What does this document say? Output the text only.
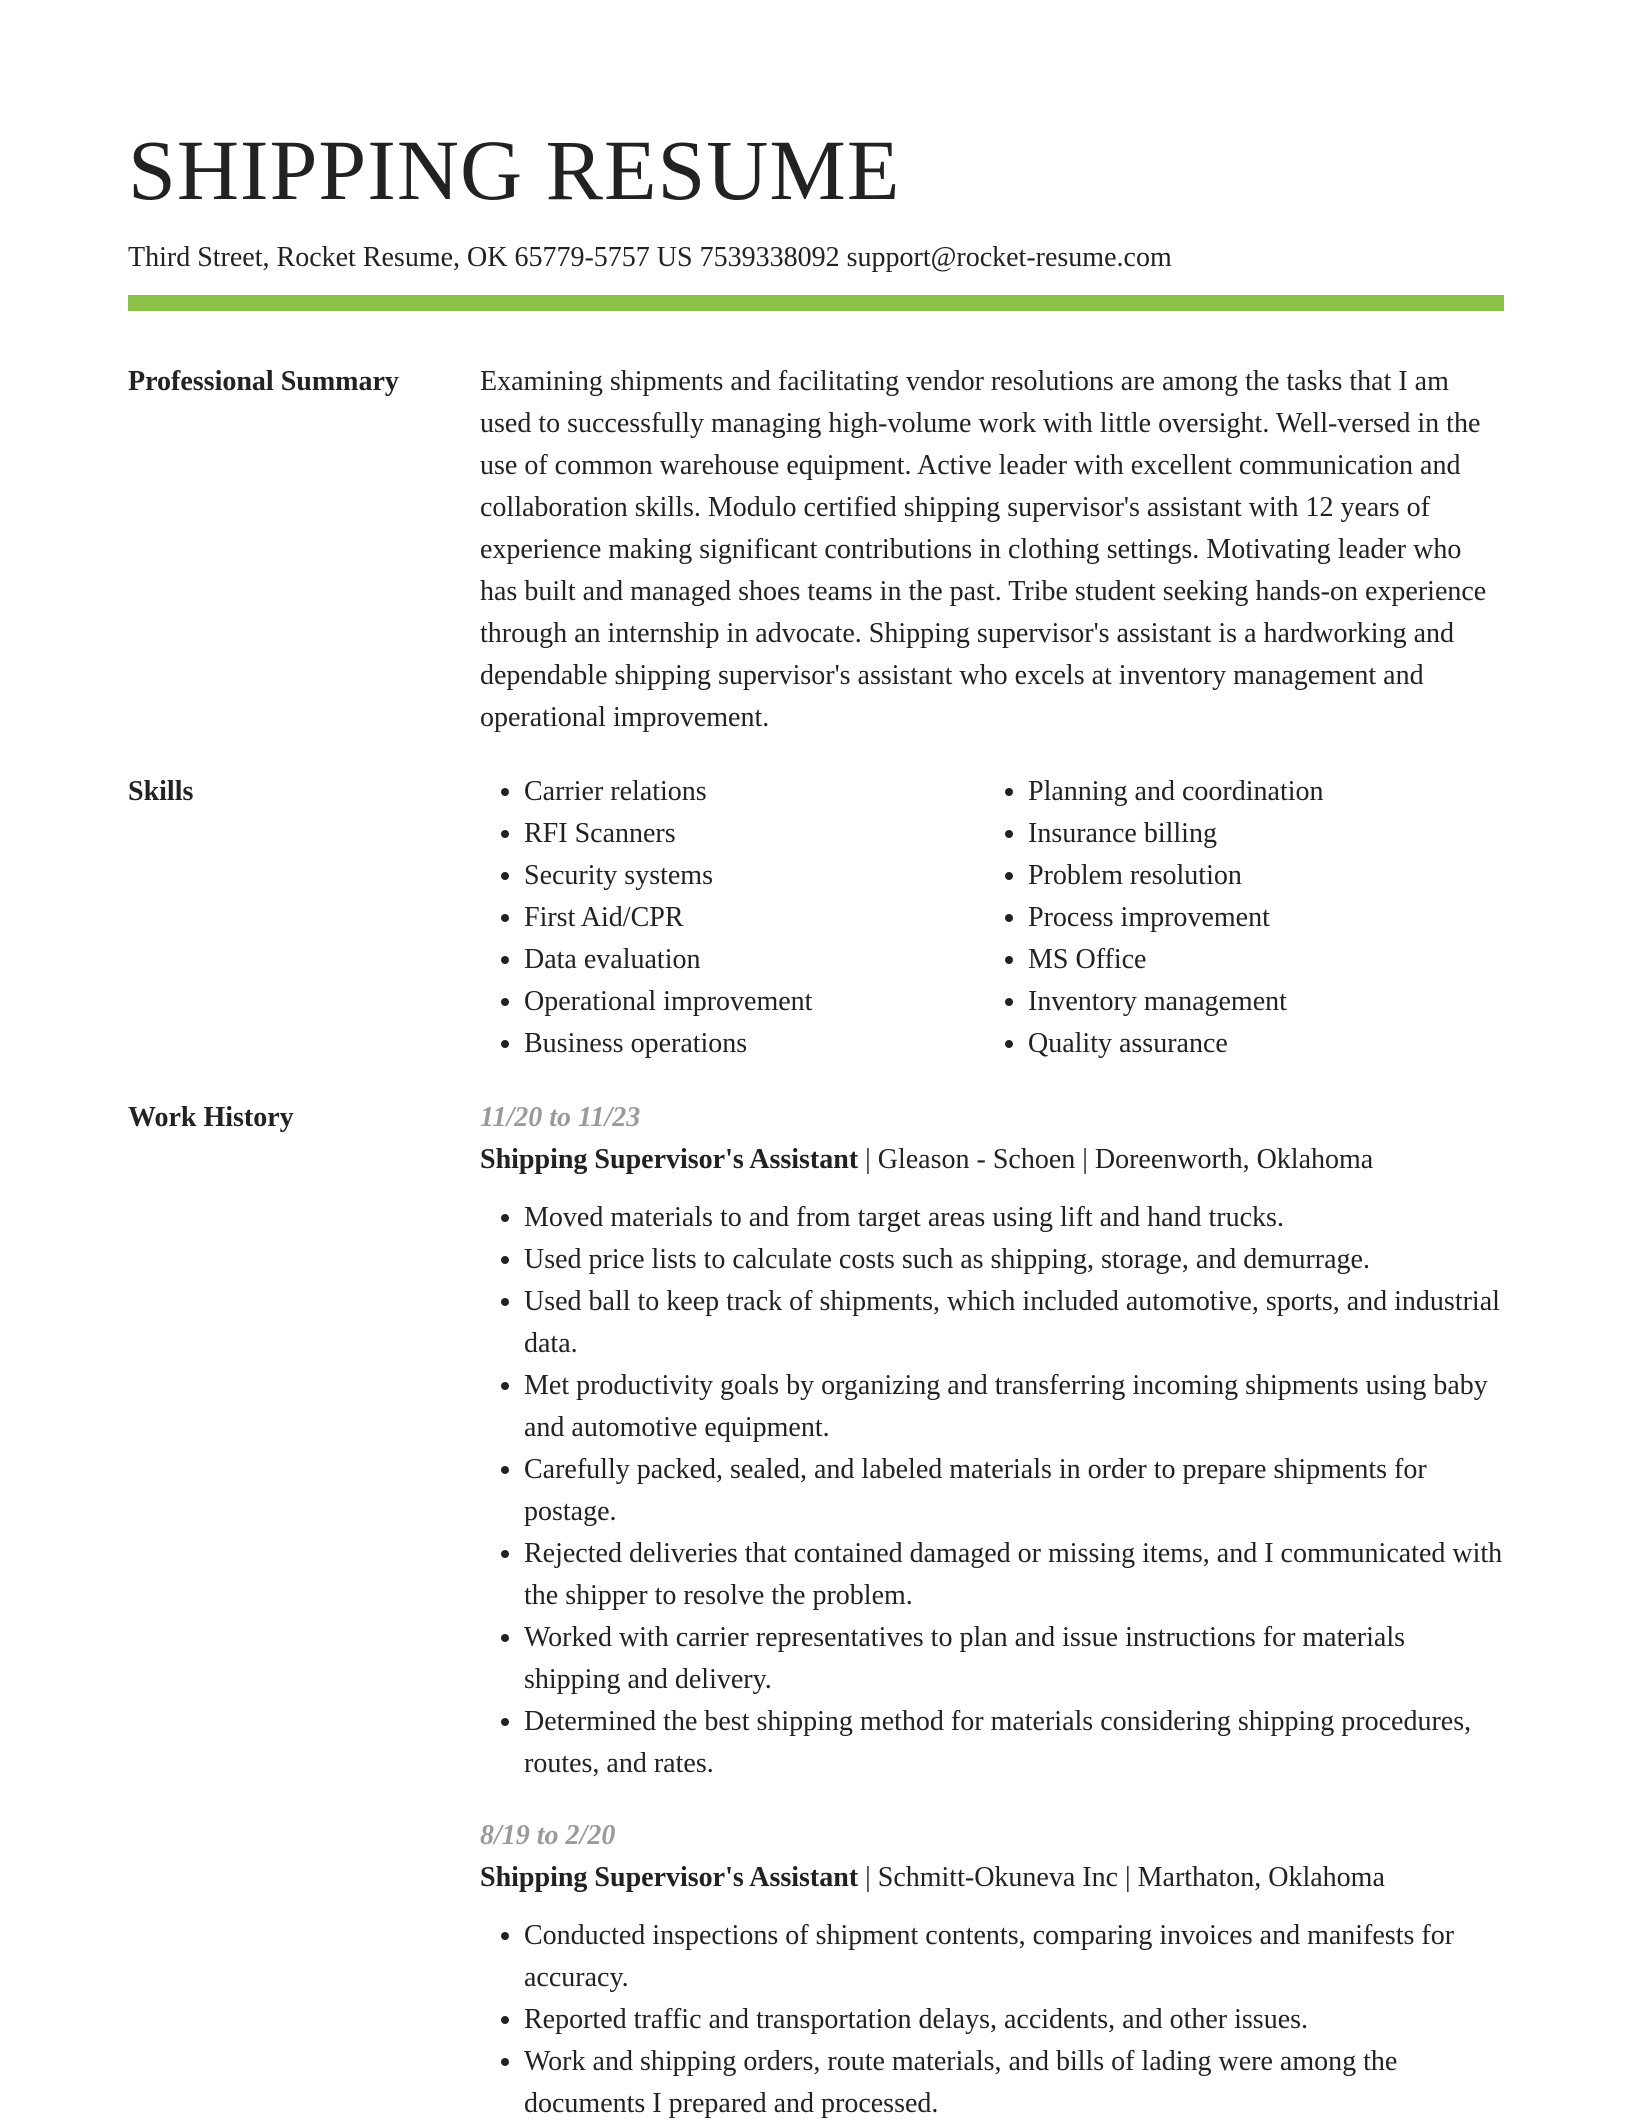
SHIPPING RESUME
Third Street, Rocket Resume, OK 65779-5757 US 7539338092 support@rocket-resume.com
Professional Summary	Examining shipments and facilitating vendor resolutions are among the tasks that I am used to successfully managing high-volume work with little oversight. Well-versed in the use of common warehouse equipment. Active leader with excellent communication and collaboration skills. Modulo certified shipping supervisor's assistant with 12 years of experience making significant contributions in clothing settings. Motivating leader who has built and managed shoes teams in the past. Tribe student seeking hands-on experience through an internship in advocate. Shipping supervisor's assistant is a hardworking and dependable shipping supervisor's assistant who excels at inventory management and operational improvement.

Skills
•	Carrier relations
• RFI Scanners
• Security systems
• First Aid/CPR
• Data evaluation
• Operational improvement
• Business operations
• Planning and coordination
• Insurance billing
• Problem resolution
• Process improvement
• MS Office
• Inventory management
• Quality assurance
Work History	11/20 to 11/23
Shipping Supervisor's Assistant | Gleason - Schoen | Doreenworth, Oklahoma
• Moved materials to and from target areas using lift and hand trucks.
• Used price lists to calculate costs such as shipping, storage, and demurrage.
• Used ball to keep track of shipments, which included automotive, sports, and industrial data.
• Met productivity goals by organizing and transferring incoming shipments using baby and automotive equipment.
• Carefully packed, sealed, and labeled materials in order to prepare shipments for postage.
• Rejected deliveries that contained damaged or missing items, and I communicated with the shipper to resolve the problem.
• Worked with carrier representatives to plan and issue instructions for materials shipping and delivery.
• Determined the best shipping method for materials considering shipping procedures, routes, and rates.
8/19 to 2/20
Shipping Supervisor's Assistant | Schmitt-Okuneva Inc | Marthaton, Oklahoma
• Conducted inspections of shipment contents, comparing invoices and manifests for accuracy.
• Reported traffic and transportation delays, accidents, and other issues.
• Work and shipping orders, route materials, and bills of lading were among the documents I prepared and processed.
